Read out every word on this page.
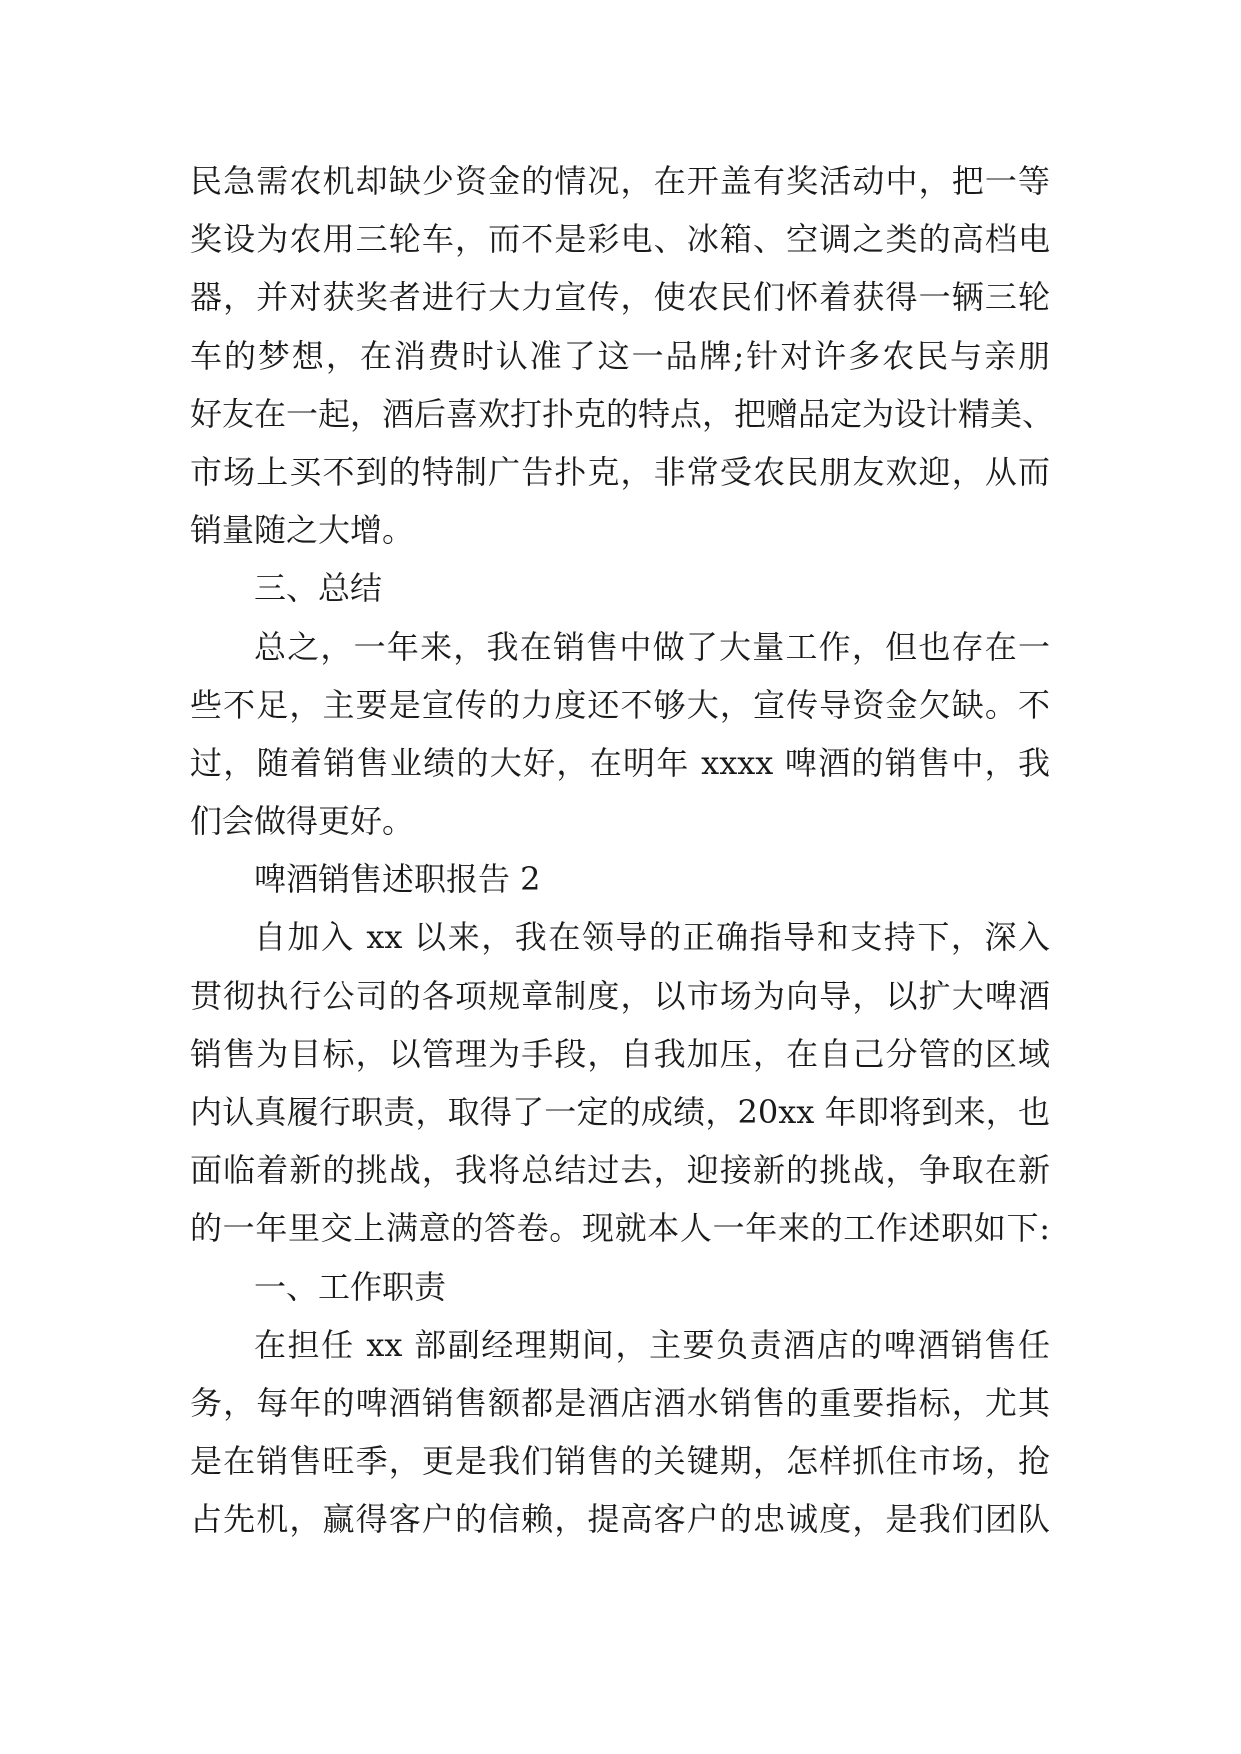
民急需农机却缺少资金的情况，在开盖有奖活动中，把一等
奖设为农用三轮车，而不是彩电、冰箱、空调之类的高档电
器，并对获奖者进行大力宣传，使农民们怀着获得一辆三轮
车的梦想，在消费时认准了这一品牌;针对许多农民与亲朋
好友在一起，酒后喜欢打扑克的特点，把赠品定为设计精美、
市场上买不到的特制广告扑克，非常受农民朋友欢迎，从而
销量随之大增。
三、总结
总之，一年来，我在销售中做了大量工作，但也存在一
些不足，主要是宣传的力度还不够大，宣传导资金欠缺。不
过，随着销售业绩的大好，在明年 xxxx 啤酒的销售中，我
们会做得更好。
啤酒销售述职报告 2
自加入 xx 以来，我在领导的正确指导和支持下，深入
贯彻执行公司的各项规章制度，以市场为向导，以扩大啤酒
销售为目标，以管理为手段，自我加压，在自己分管的区域
内认真履行职责，取得了一定的成绩，20xx 年即将到来，也
面临着新的挑战，我将总结过去，迎接新的挑战，争取在新
的一年里交上满意的答卷。现就本人一年来的工作述职如下:
一、工作职责
在担任 xx 部副经理期间，主要负责酒店的啤酒销售任
务，每年的啤酒销售额都是酒店酒水销售的重要指标，尤其
是在销售旺季，更是我们销售的关键期，怎样抓住市场，抢
占先机，赢得客户的信赖，提高客户的忠诚度，是我们团队
